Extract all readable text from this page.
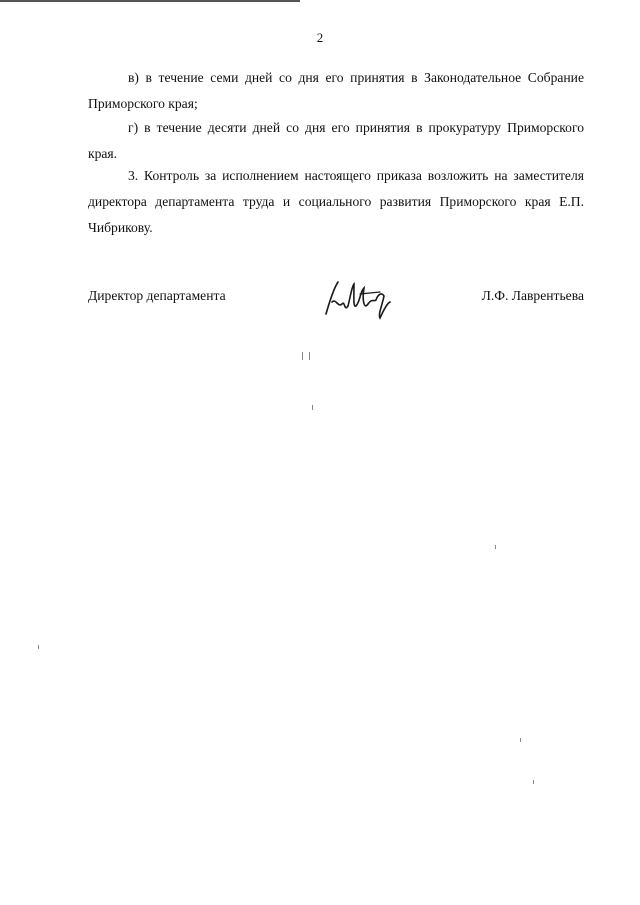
2

в) в течение семи дней со дня его принятия в Законодательное Собрание Приморского края;

г) в течение десяти дней со дня его принятия в прокуратуру Приморского края.

3. Контроль за исполнением настоящего приказа возложить на заместителя директора департамента труда и социального развития Приморского края Е.П. Чибрикову.

Директор департамента	Л.Ф. Лаврентьева
